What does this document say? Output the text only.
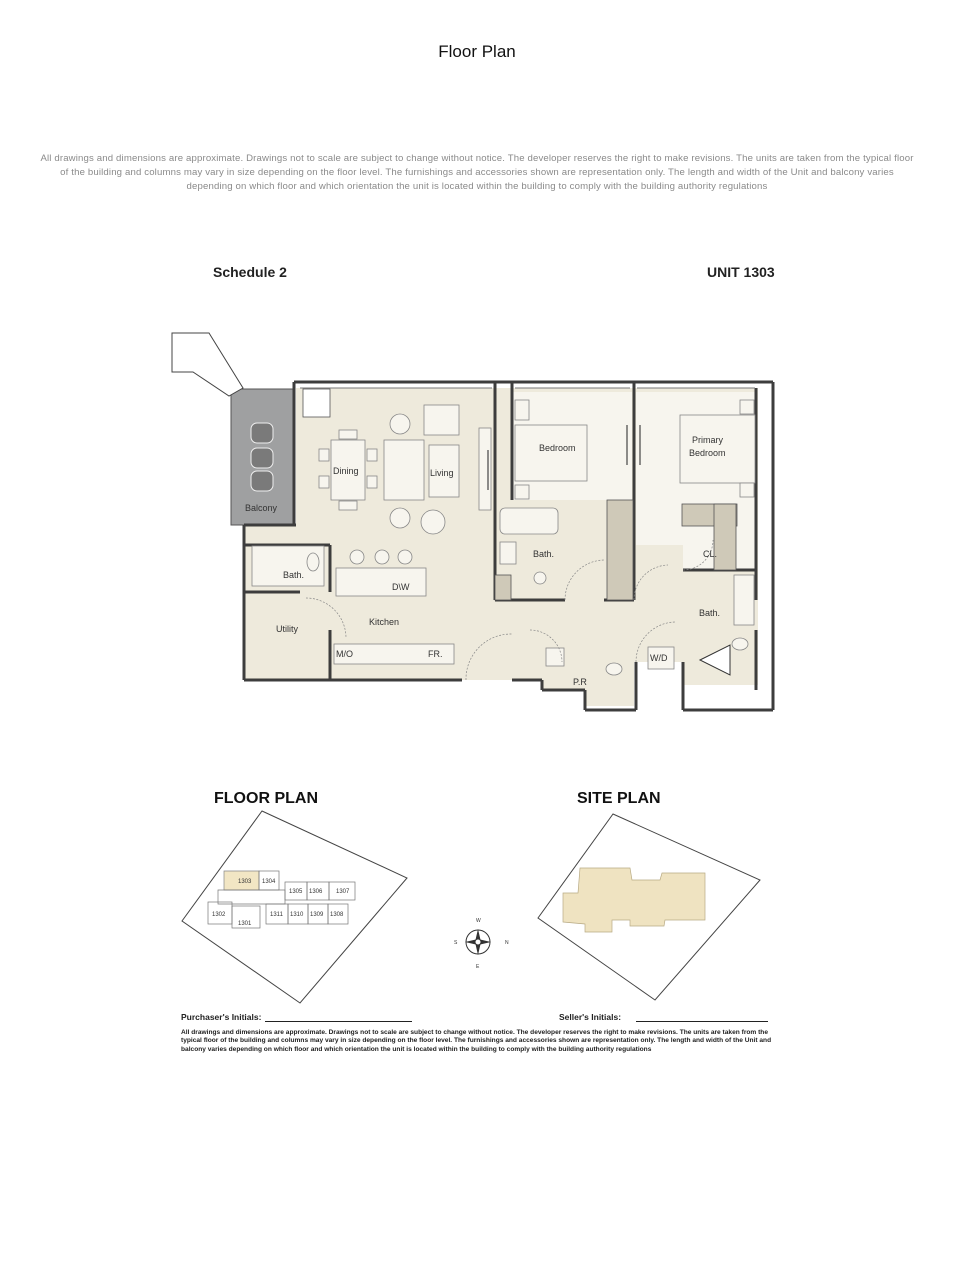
Floor Plan
All drawings and dimensions are approximate. Drawings not to scale are subject to change without notice. The developer reserves the right to make revisions. The units are taken from the typical floor of the building and columns may vary in size depending on the floor level. The furnishings and accessories shown are representation only. The length and width of the Unit and balcony varies depending on which floor and which orientation the unit is located within the building to comply with the building authority regulations
Schedule 2	UNIT 1303
Dining	Living
Balcony
Bedroom
Primary
Bedroom
Bath.
Bath.
Bath.
CL.
Utility
Kitchen
D\W
M/O	FR.
P.R
W/D
FLOOR PLAN
1303 1304
1305 1306 1307
1302
1301
1311 1310 1309 1308
W
E
S	N
SITE PLAN
Purchaser's Initials:	Seller's Initials:
All drawings and dimensions are approximate. Drawings not to scale are subject to change without notice. The developer reserves the right to make revisions. The units are taken from the typical floor of the building and columns may vary in size depending on the floor level. The furnishings and accessories shown are representation only. The length and width of the Unit and balcony varies depending on which floor and which orientation the unit is located within the building to comply with the building authority regulations
